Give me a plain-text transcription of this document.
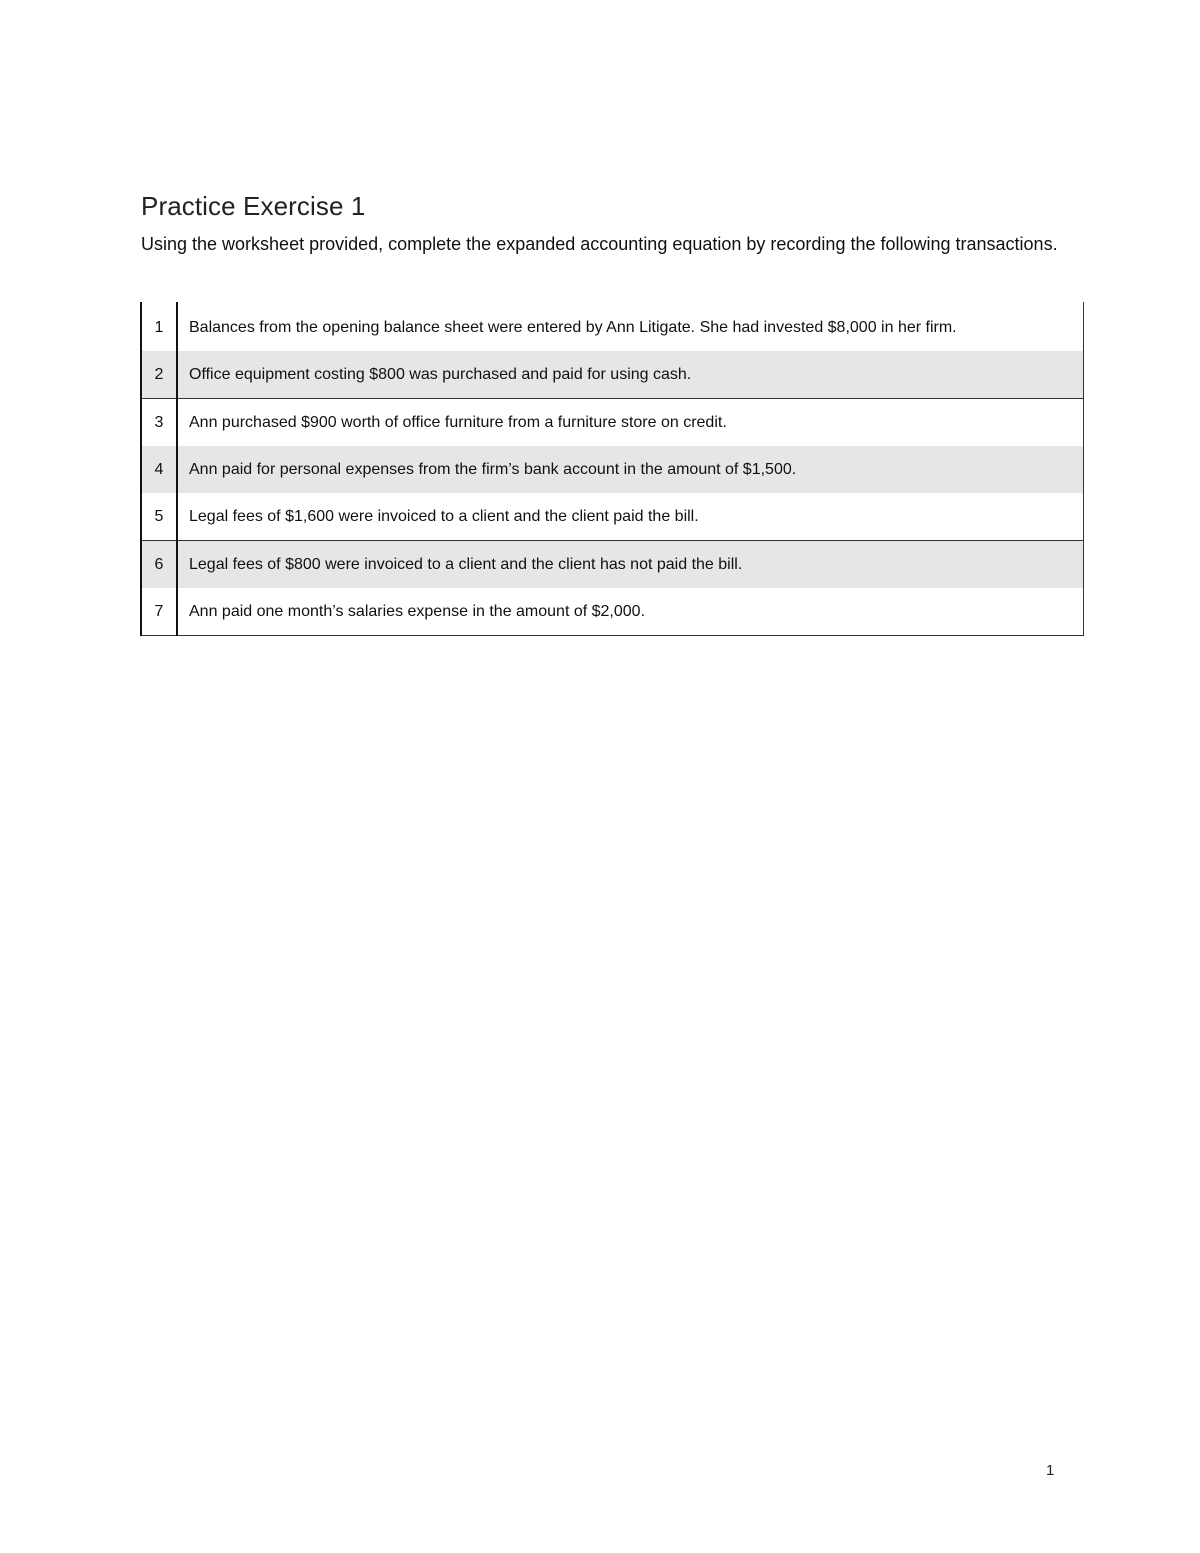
Practice Exercise 1

Using the worksheet provided, complete the expanded accounting equation by recording the following transactions.

1	Balances from the opening balance sheet were entered by Ann Litigate. She had invested $8,000 in her firm.
2	Office equipment costing $800 was purchased and paid for using cash.
3	Ann purchased $900 worth of office furniture from a furniture store on credit.
4	Ann paid for personal expenses from the firm’s bank account in the amount of $1,500.
5	Legal fees of $1,600 were invoiced to a client and the client paid the bill.
6	Legal fees of $800 were invoiced to a client and the client has not paid the bill.
7	Ann paid one month’s salaries expense in the amount of $2,000.
1
